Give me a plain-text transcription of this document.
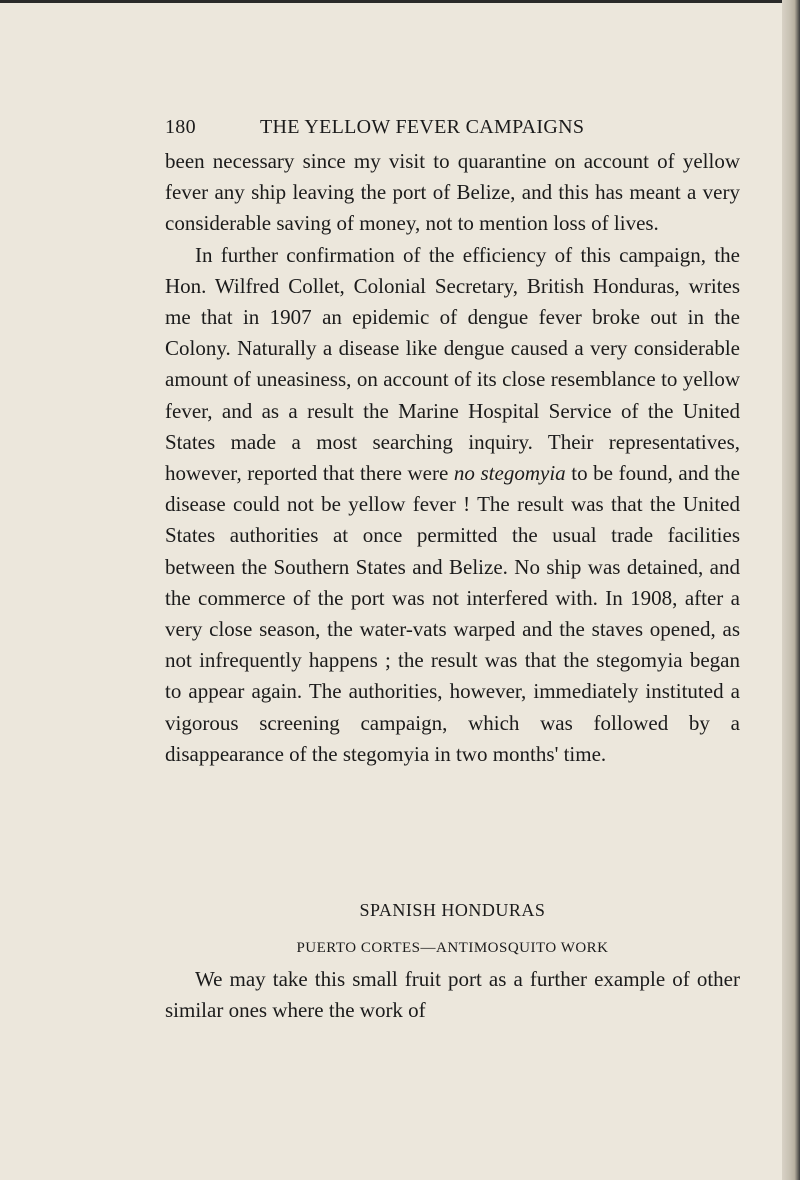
180	THE YELLOW FEVER CAMPAIGNS

been necessary since my visit to quarantine on account of yellow fever any ship leaving the port of Belize, and this has meant a very considerable saving of money, not to mention loss of lives.

In further confirmation of the efficiency of this campaign, the Hon. Wilfred Collet, Colonial Secretary, British Honduras, writes me that in 1907 an epidemic of dengue fever broke out in the Colony. Naturally a disease like dengue caused a very considerable amount of uneasiness, on account of its close resemblance to yellow fever, and as a result the Marine Hospital Service of the United States made a most searching inquiry. Their representatives, however, reported that there were no stegomyia to be found, and the disease could not be yellow fever ! The result was that the United States authorities at once permitted the usual trade facilities between the Southern States and Belize. No ship was detained, and the commerce of the port was not interfered with. In 1908, after a very close season, the water-vats warped and the staves opened, as not infrequently happens ; the result was that the stegomyia began to appear again. The authorities, however, immediately instituted a vigorous screening campaign, which was followed by a disappearance of the stegomyia in two months' time.

SPANISH HONDURAS
PUERTO CORTES—ANTIMOSQUITO WORK

We may take this small fruit port as a further example of other similar ones where the work of
